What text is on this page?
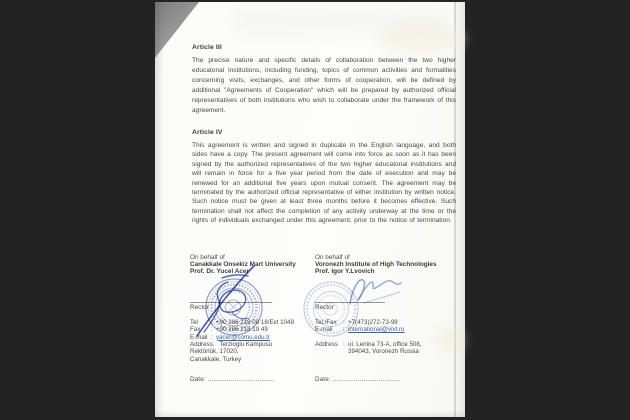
Article III
The precise nature and specific details of collaboration between the two higher educatonal institutions, including funding, topics of common activities and formalities concerning visits, exchanges, and other forms of cooperation, will be defined by additional "Agreements of Cooperation" which will be prepared by authorized official representatives of both institutions who wish to collaborate under the framework of this agreement.
Article IV
This agreement is written and signed in duplicate in the English language, and both sides have a copy. The present agreement will come into force as soon as it has been signed by the authorized representatives of the two higher educatonal institutions and will remain in force for a five year period from the date of execution and may be renewed for an additional five years upon mutual consent. The agreement may be terminated by the authorized official representative of either institution by written notice. Such notice must be given at least three months before it becomes effective. Such termination shall not affect the completion of any activity underway at the time or the rights of individuals exchanged under this agreement, prior to the notice of termination.
On behalf of
Canakkale Onsekiz Mart University
Prof. Dr. Yucel Acer
Rector
Tel	: +90 286 218 00 18/Ext 1049
Fax	: +90 286 218 19 49
E-mail : yacer@comu.edu.tr
Address: Terzioglu Kampusu
Rektörlük, 17020,
Canakkale, Turkey
Date: ...................................
On behalf of
Voronezh Institute of High Technologies
Prof. Igor Y.Lvovich
Rector
Tel./Fax	: +7(473)272-73-98
E-mail	: international@vivt.ru
Address : ul. Lenina 73-A, office 508,
394043, Voronezh Russia
Date: ...................................
